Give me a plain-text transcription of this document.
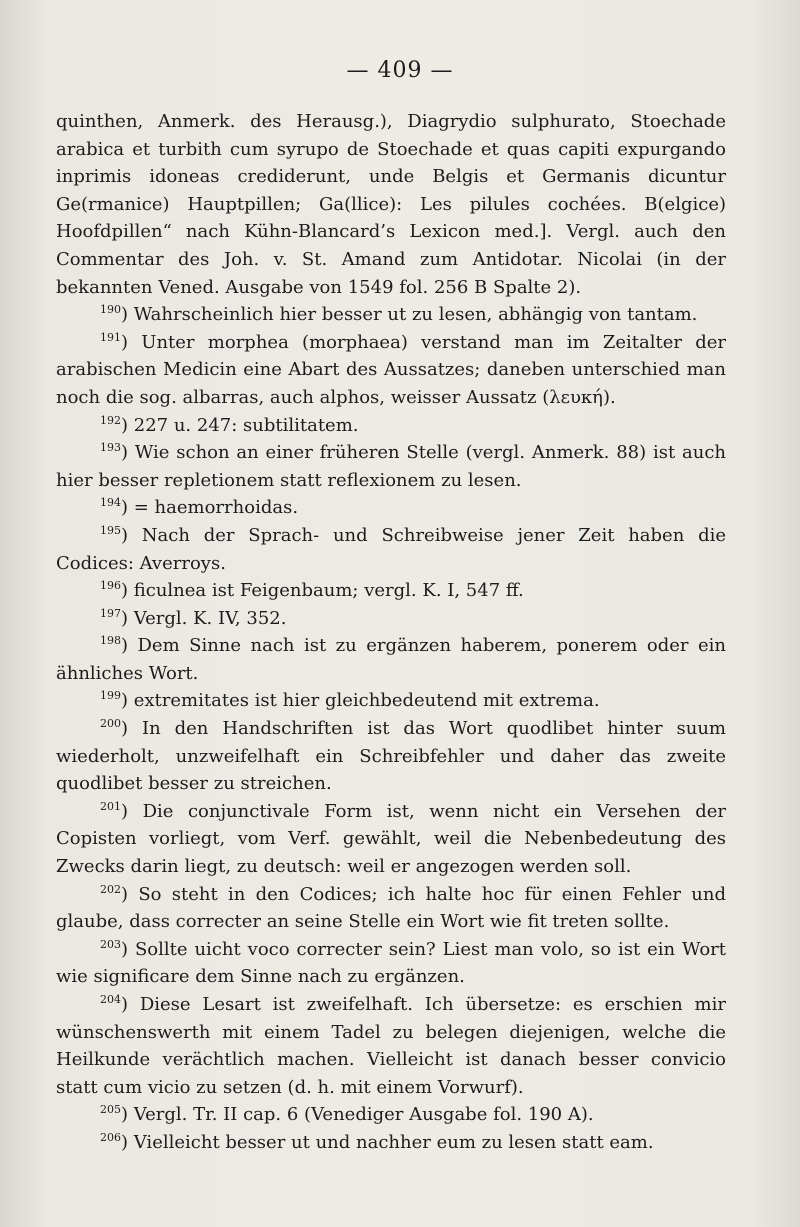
— 409 —

quinthen, Anmerk. des Herausg.), Diagrydio sulphurato, Stoechade arabica et turbith cum syrupo de Stoechade et quas capiti expurgando inprimis idoneas crediderunt, unde Belgis et Germanis dicuntur Ge(rmanice) Hauptpillen; Ga(llice): Les pilules cochées. B(elgice) Hoofdpillen“ nach Kühn-Blancard’s Lexicon med.]. Vergl. auch den Commentar des Joh. v. St. Amand zum Antidotar. Nicolai (in der bekannten Vened. Ausgabe von 1549 fol. 256 B Spalte 2).

$^{190}$) Wahrscheinlich hier besser ut zu lesen, abhängig von tantam.

$^{191}$) Unter morphea (morphaea) verstand man im Zeitalter der arabischen Medicin eine Abart des Aussatzes; daneben unterschied man noch die sog. albarras, auch alphos, weisser Aussatz (λευκή).

$^{192}$) 227 u. 247: subtilitatem.

$^{193}$) Wie schon an einer früheren Stelle (vergl. Anmerk. 88) ist auch hier besser repletionem statt reflexionem zu lesen.

$^{194}$) = haemorrhoidas.

$^{195}$) Nach der Sprach- und Schreibweise jener Zeit haben die Codices: Averroys.

$^{196}$) ficulnea ist Feigenbaum; vergl. K. I, 547 ff.

$^{197}$) Vergl. K. IV, 352.

$^{198}$) Dem Sinne nach ist zu ergänzen haberem, ponerem oder ein ähnliches Wort.

$^{199}$) extremitates ist hier gleichbedeutend mit extrema.

$^{200}$) In den Handschriften ist das Wort quodlibet hinter suum wiederholt, unzweifelhaft ein Schreibfehler und daher das zweite quodlibet besser zu streichen.

$^{201}$) Die conjunctivale Form ist, wenn nicht ein Versehen der Copisten vorliegt, vom Verf. gewählt, weil die Nebenbedeutung des Zwecks darin liegt, zu deutsch: weil er angezogen werden soll.

$^{202}$) So steht in den Codices; ich halte hoc für einen Fehler und glaube, dass correcter an seine Stelle ein Wort wie fit treten sollte.

$^{203}$) Sollte uicht voco correcter sein? Liest man volo, so ist ein Wort wie significare dem Sinne nach zu ergänzen.

$^{204}$) Diese Lesart ist zweifelhaft. Ich übersetze: es erschien mir wünschenswerth mit einem Tadel zu belegen diejenigen, welche die Heilkunde verächtlich machen. Vielleicht ist danach besser convicio statt cum vicio zu setzen (d. h. mit einem Vorwurf).

$^{205}$) Vergl. Tr. II cap. 6 (Venediger Ausgabe fol. 190 A).

$^{206}$) Vielleicht besser ut und nachher eum zu lesen statt eam.
